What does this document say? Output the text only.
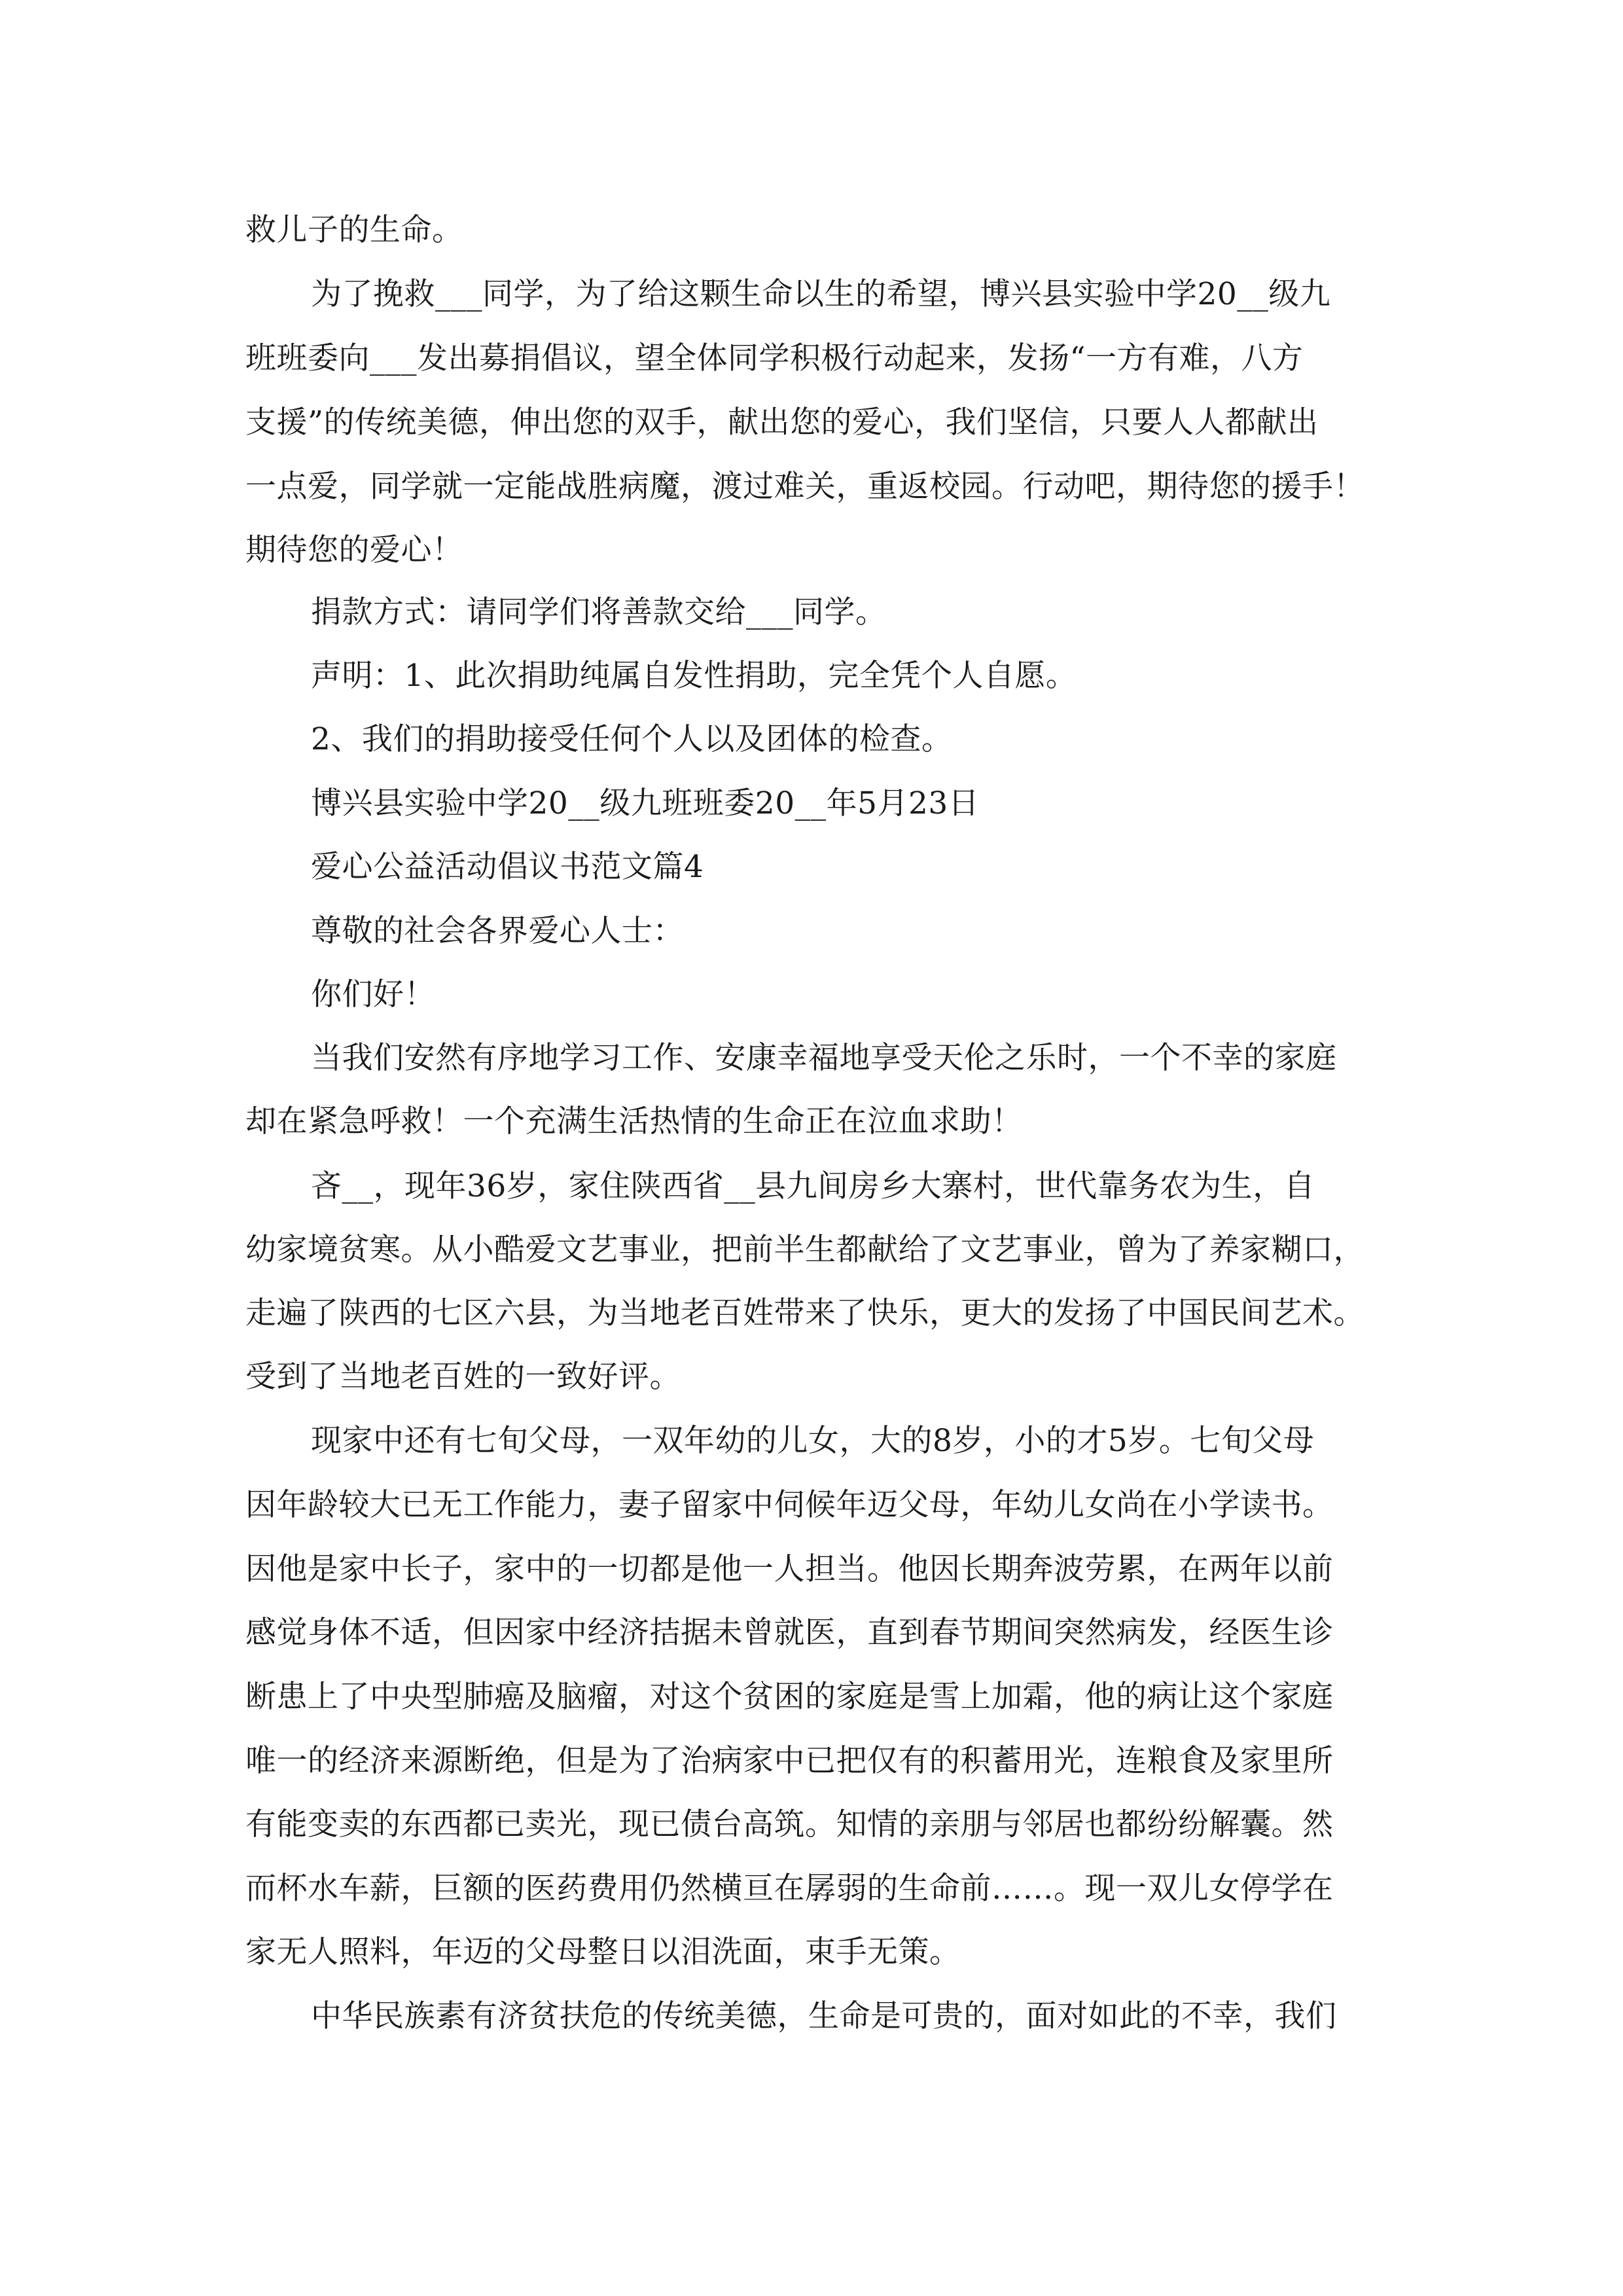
救儿子的生命。
为了挽救___同学，为了给这颗生命以生的希望，博兴县实验中学20__级九
班班委向___发出募捐倡议，望全体同学积极行动起来，发扬“一方有难，八方
支援”的传统美德，伸出您的双手，献出您的爱心，我们坚信，只要人人都献出
一点爱，同学就一定能战胜病魔，渡过难关，重返校园。行动吧，期待您的援手！
期待您的爱心！
捐款方式：请同学们将善款交给___同学。
声明：1、此次捐助纯属自发性捐助，完全凭个人自愿。
2、我们的捐助接受任何个人以及团体的检查。
博兴县实验中学20__级九班班委20__年5月23日
爱心公益活动倡议书范文篇4
尊敬的社会各界爱心人士：
你们好！
当我们安然有序地学习工作、安康幸福地享受天伦之乐时，一个不幸的家庭
却在紧急呼救！一个充满生活热情的生命正在泣血求助！
吝__，现年36岁，家住陕西省__县九间房乡大寨村，世代靠务农为生，自
幼家境贫寒。从小酷爱文艺事业，把前半生都献给了文艺事业，曾为了养家糊口，
走遍了陕西的七区六县，为当地老百姓带来了快乐，更大的发扬了中国民间艺术。
受到了当地老百姓的一致好评。
现家中还有七旬父母，一双年幼的儿女，大的8岁，小的才5岁。七旬父母
因年龄较大已无工作能力，妻子留家中伺候年迈父母，年幼儿女尚在小学读书。
因他是家中长子，家中的一切都是他一人担当。他因长期奔波劳累，在两年以前
感觉身体不适，但因家中经济拮据未曾就医，直到春节期间突然病发，经医生诊
断患上了中央型肺癌及脑瘤，对这个贫困的家庭是雪上加霜，他的病让这个家庭
唯一的经济来源断绝，但是为了治病家中已把仅有的积蓄用光，连粮食及家里所
有能变卖的东西都已卖光，现已债台高筑。知情的亲朋与邻居也都纷纷解囊。然
而杯水车薪，巨额的医药费用仍然横亘在孱弱的生命前……。现一双儿女停学在
家无人照料，年迈的父母整日以泪洗面，束手无策。
中华民族素有济贫扶危的传统美德，生命是可贵的，面对如此的不幸，我们
